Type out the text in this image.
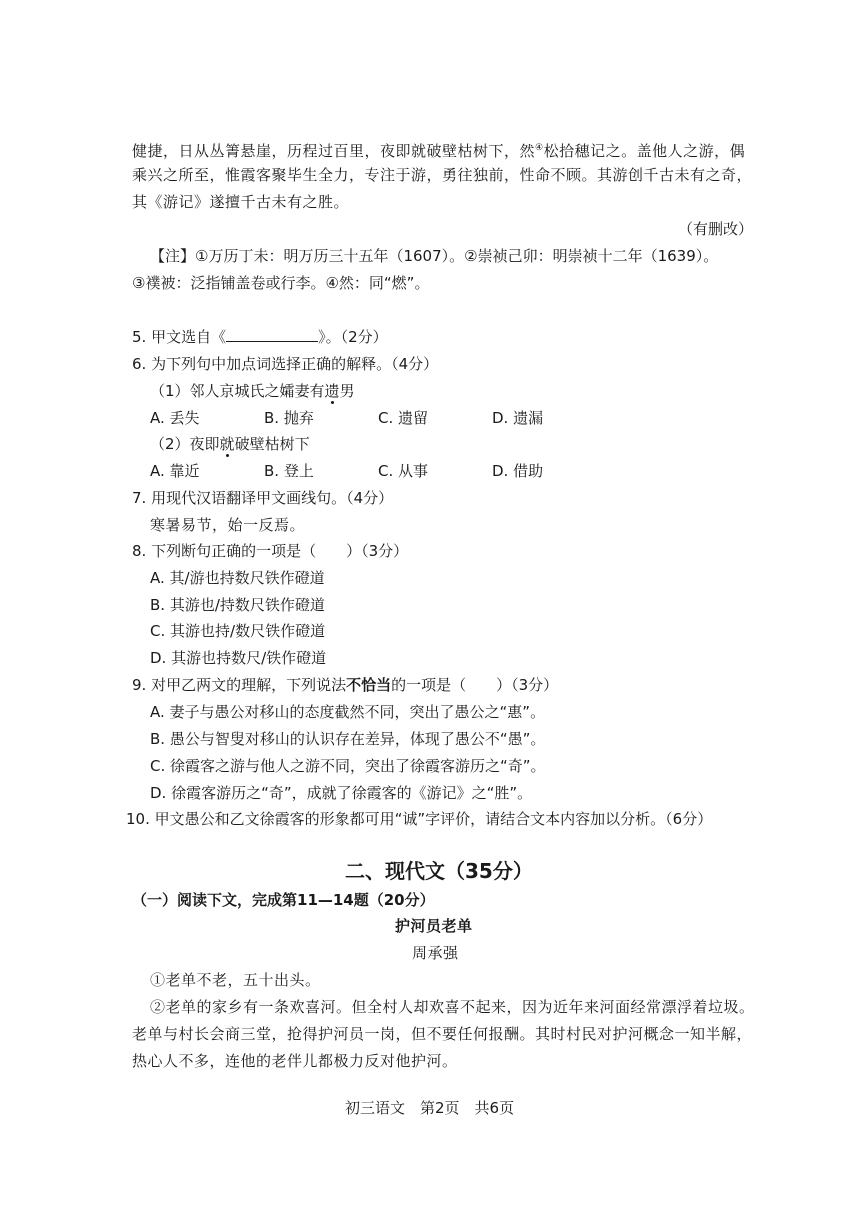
健捷，日从丛箐悬崖，历程过百里，夜即就破壁枯树下，然④松拾穗记之。盖他人之游，偶
乘兴之所至，惟霞客聚毕生全力，专注于游，勇往独前，性命不顾。其游创千古未有之奇，
其《游记》遂擅千古未有之胜。
（有删改）
【注】①万历丁未：明万历三十五年（1607）。②崇祯己卯：明崇祯十二年（1639）。
③襆被：泛指铺盖卷或行李。④然：同“燃”。
5. 甲文选自《	》。（2分）
6. 为下列句中加点词选择正确的解释。（4分）
（1）邻人京城氏之孀妻有遗男
A. 丢失	B. 抛弃	C. 遗留	D. 遗漏
（2）夜即就破壁枯树下
A. 靠近	B. 登上	C. 从事	D. 借助
7. 用现代汉语翻译甲文画线句。（4分）
寒暑易节，始一反焉。
8. 下列断句正确的一项是（　　）（3分）
A. 其/游也持数尺铁作磴道
B. 其游也/持数尺铁作磴道
C. 其游也持/数尺铁作磴道
D. 其游也持数尺/铁作磴道
9. 对甲乙两文的理解，下列说法不恰当的一项是（　　）（3分）
A. 妻子与愚公对移山的态度截然不同，突出了愚公之“惠”。
B. 愚公与智叟对移山的认识存在差异，体现了愚公不“愚”。
C. 徐霞客之游与他人之游不同，突出了徐霞客游历之“奇”。
D. 徐霞客游历之“奇”，成就了徐霞客的《游记》之“胜”。
10. 甲文愚公和乙文徐霞客的形象都可用“诚”字评价，请结合文本内容加以分析。（6分）
二、现代文（35分）
（一）阅读下文，完成第11—14题（20分）
护河员老单
周承强
①老单不老，五十出头。
②老单的家乡有一条欢喜河。但全村人却欢喜不起来，因为近年来河面经常漂浮着垃圾。
老单与村长会商三堂，抢得护河员一岗，但不要任何报酬。其时村民对护河概念一知半解，
热心人不多，连他的老伴儿都极力反对他护河。
初三语文　第2页　共6页
